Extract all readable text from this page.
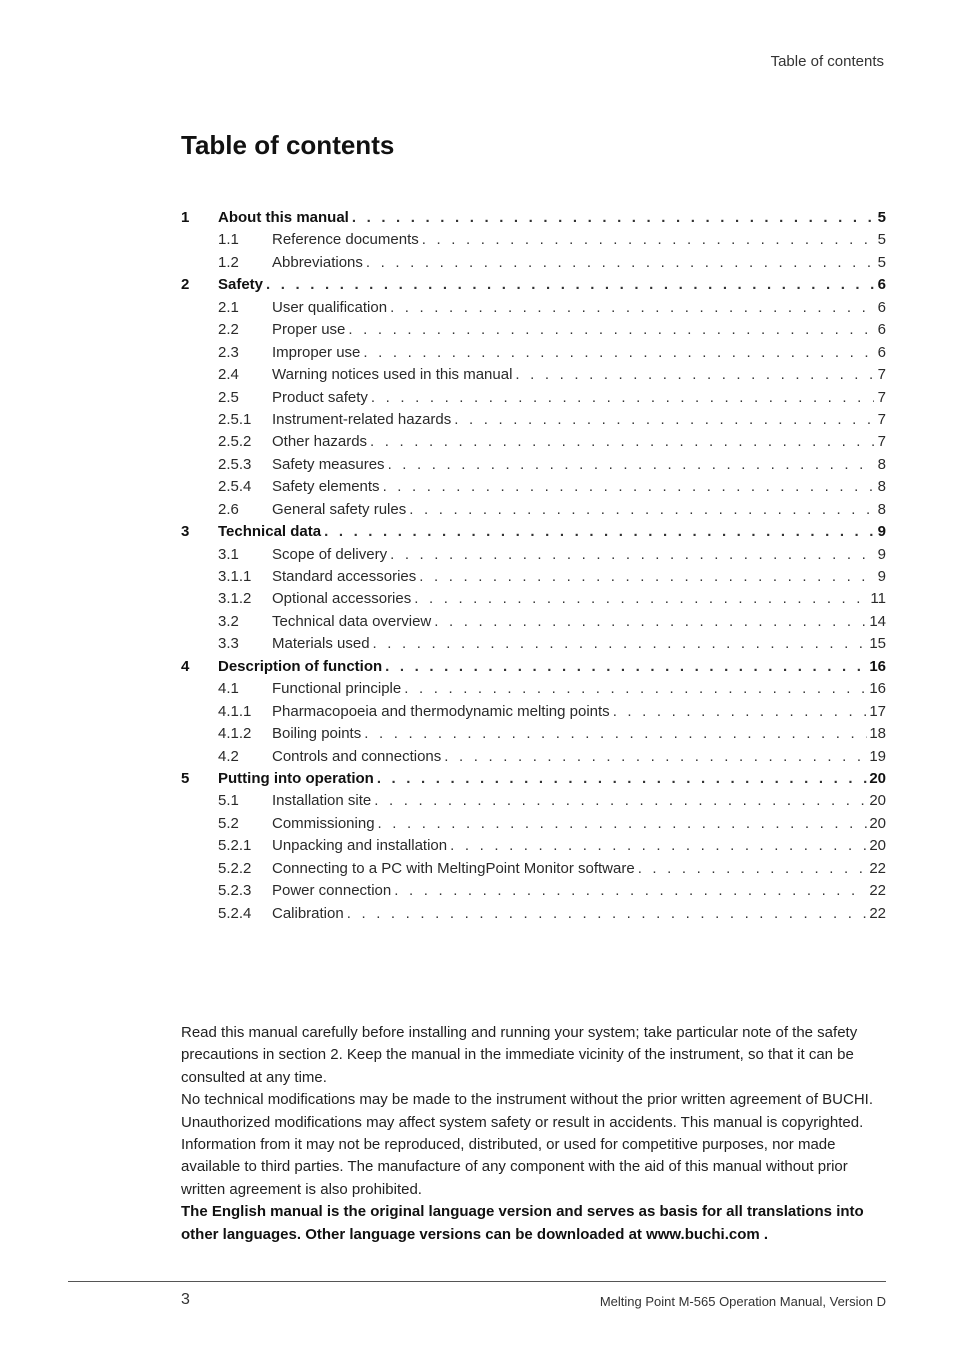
Table of contents
Table of contents
1	About this manual . . .	5
1.1	Reference documents . . .	5
1.2	Abbreviations . . .	5
2	Safety . . .	6
2.1	User qualification . . .	6
2.2	Proper use . . .	6
2.3	Improper use . . .	6
2.4	Warning notices used in this manual . . .	7
2.5	Product safety . . .	7
2.5.1	Instrument-related hazards . . .	7
2.5.2	Other hazards . . .	7
2.5.3	Safety measures . . .	8
2.5.4	Safety elements . . .	8
2.6	General safety rules . . .	8
3	Technical data . . .	9
3.1	Scope of delivery . . .	9
3.1.1	Standard accessories . . .	9
3.1.2	Optional accessories . . .	11
3.2	Technical data overview . . .	14
3.3	Materials used . . .	15
4	Description of function . . .	16
4.1	Functional principle . . .	16
4.1.1	Pharmacopoeia and thermodynamic melting points . . .	17
4.1.2	Boiling points . . .	18
4.2	Controls and connections . . .	19
5	Putting into operation . . .	20
5.1	Installation site . . .	20
5.2	Commissioning . . .	20
5.2.1	Unpacking and installation . . .	20
5.2.2	Connecting to a PC with MeltingPoint Monitor software . . .	22
5.2.3	Power connection . . .	22
5.2.4	Calibration . . .	22

Read this manual carefully before installing and running your system; take particular note of the safety precautions in section 2. Keep the manual in the immediate vicinity of the instrument, so that it can be consulted at any time.

No technical modifications may be made to the instrument without the prior written agreement of BUCHI. Unauthorized modifications may affect system safety or result in accidents. This manual is copyrighted. Information from it may not be reproduced, distributed, or used for competitive purposes, nor made available to third parties. The manufacture of any component with the aid of this manual without prior written agreement is also prohibited.

The English manual is the original language version and serves as basis for all translations into other languages. Other language versions can be downloaded at www.buchi.com .

3	Melting Point M-565 Operation Manual, Version D
